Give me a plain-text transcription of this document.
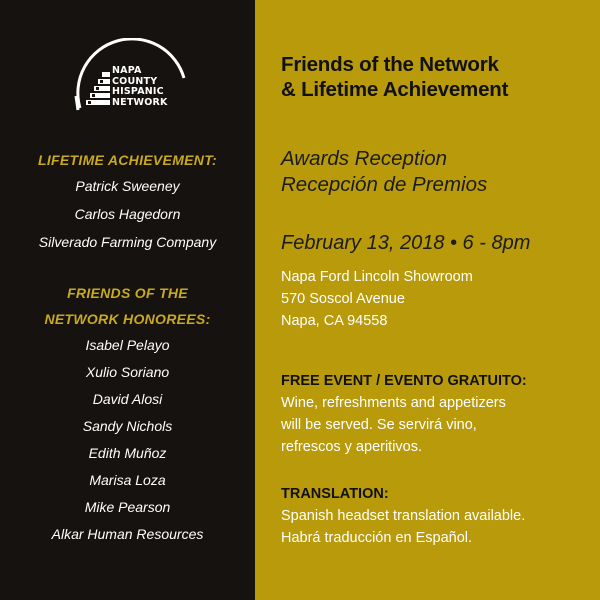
NAPA
COUNTY
HISPANIC
NETWORK
LIFETIME ACHIEVEMENT:
Patrick Sweeney
Carlos Hagedorn
Silverado Farming Company
FRIENDS OF THE
NETWORK HONOREES:
Isabel Pelayo
Xulio Soriano
David Alosi
Sandy Nichols
Edith Muñoz
Marisa Loza
Mike Pearson
Alkar Human Resources
Friends of the Network
& Lifetime Achievement
Awards Reception
Recepción de Premios
February 13, 2018 • 6 - 8pm
Napa Ford Lincoln Showroom
570 Soscol Avenue
Napa, CA 94558
FREE EVENT / EVENTO GRATUITO:
Wine, refreshments and appetizers
will be served. Se servirá vino,
refrescos y aperitivos.
TRANSLATION:
Spanish headset translation available.
Habrá traducción en Español.
